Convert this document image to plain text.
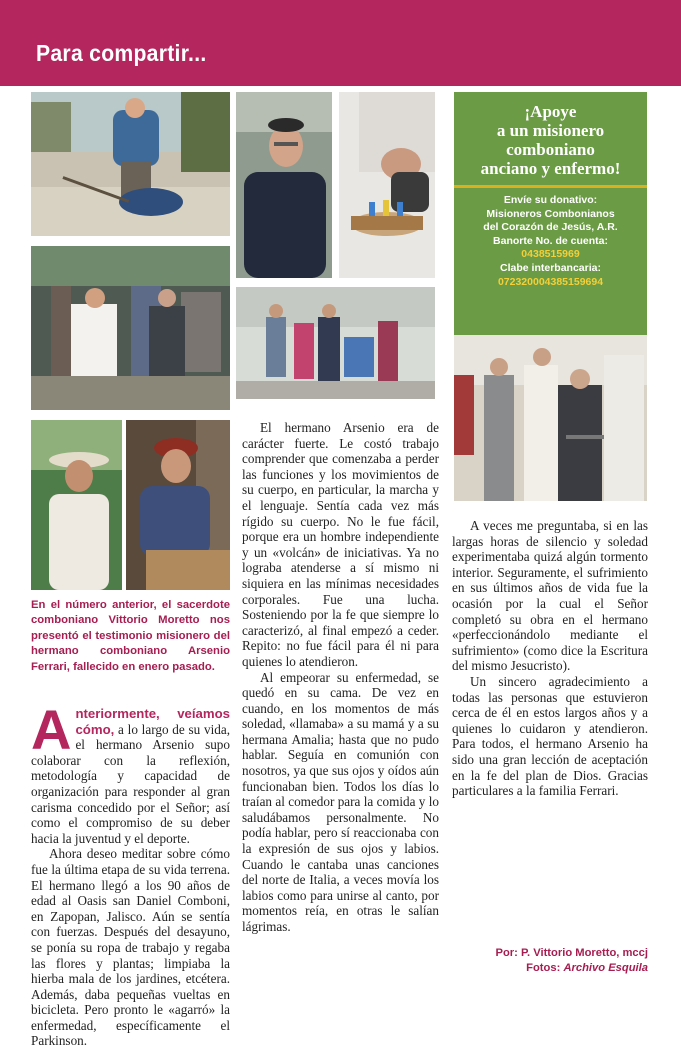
Para compartir...
¡Apoye
a un misionero
comboniano
anciano y enfermo!
Envíe su donativo:
Misioneros Combonianos
del Corazón de Jesús, A.R.
Banorte No. de cuenta:
0438515969
Clabe interbancaria:
072320004385159694
En el número anterior, el sacerdote comboniano Vittorio Moretto nos presentó el testimonio misionero del hermano comboniano Arsenio Ferrari, fallecido en enero pasado.

Anteriormente, veíamos cómo, a lo largo de su vida, el hermano Arsenio supo colaborar con la reflexión, metodología y capacidad de organización para responder al gran carisma concedido por el Señor; así como el compromiso de su deber hacia la juventud y el deporte.

Ahora deseo meditar sobre cómo fue la última etapa de su vida terrena. El hermano llegó a los 90 años de edad al Oasis san Daniel Comboni, en Zapopan, Jalisco. Aún se sentía con fuerzas. Después del desayuno, se ponía su ropa de trabajo y regaba las flores y plantas; limpiaba la hierba mala de los jardines, etcétera. Además, daba pequeñas vueltas en bicicleta. Pero pronto le «agarró» la enfermedad, específicamente el Parkinson.

El hermano Arsenio era de carácter fuerte. Le costó trabajo comprender que comenzaba a perder las funciones y los movimientos de su cuerpo, en particular, la marcha y el lenguaje. Sentía cada vez más rígido su cuerpo. No le fue fácil, porque era un hombre independiente y un «volcán» de iniciativas. Ya no lograba atenderse a sí mismo ni siquiera en las mínimas necesidades corporales. Fue una lucha. Sosteniendo por la fe que siempre lo caracterizó, al final empezó a ceder. Repito: no fue fácil para él ni para quienes lo atendieron.

Al empeorar su enfermedad, se quedó en su cama. De vez en cuando, en los momentos de más soledad, «llamaba» a su mamá y a su hermana Amalia; hasta que no pudo hablar. Seguía en comunión con nosotros, ya que sus ojos y oídos aún funcionaban bien. Todos los días lo traían al comedor para la comida y lo saludábamos personalmente. No podía hablar, pero sí reaccionaba con la expresión de sus ojos y labios. Cuando le cantaba unas canciones del norte de Italia, a veces movía los labios como para unirse al canto, por momentos reía, en otras le salían lágrimas.

A veces me preguntaba, si en las largas horas de silencio y soledad experimentaba quizá algún tormento interior. Seguramente, el sufrimiento en sus últimos años de vida fue la ocasión por la cual el Señor completó su obra en el hermano «perfeccionándolo mediante el sufrimiento» (como dice la Escritura del mismo Jesucristo).

Un sincero agradecimiento a todas las personas que estuvieron cerca de él en estos largos años y a quienes lo cuidaron y atendieron. Para todos, el hermano Arsenio ha sido una gran lección de aceptación en la fe del plan de Dios. Gracias particulares a la familia Ferrari.

Por: P. Vittorio Moretto, mccj
Fotos: Archivo Esquila
